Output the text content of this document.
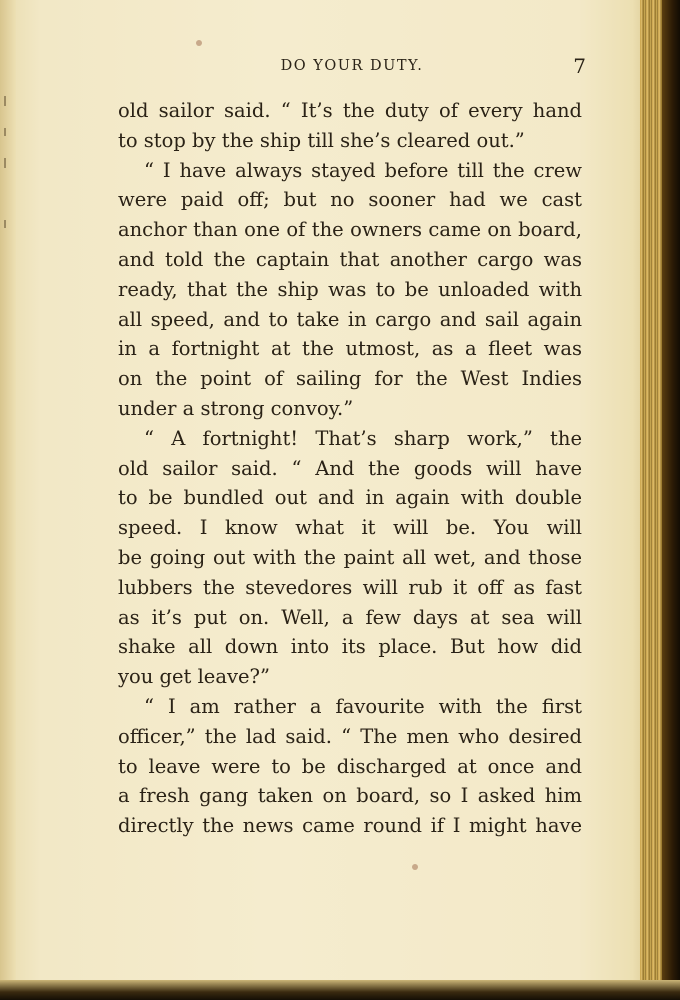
DO YOUR DUTY.	7
old sailor said. “ It’s the duty of every hand
to stop by the ship till she’s cleared out.”
“ I have always stayed before till the crew
were paid off; but no sooner had we cast
anchor than one of the owners came on board,
and told the captain that another cargo was
ready, that the ship was to be unloaded with
all speed, and to take in cargo and sail again
in a fortnight at the utmost, as a fleet was
on the point of sailing for the West Indies
under a strong convoy.”
“ A fortnight! That’s sharp work,” the
old sailor said. “ And the goods will have
to be bundled out and in again with double
speed. I know what it will be. You will
be going out with the paint all wet, and those
lubbers the stevedores will rub it off as fast
as it’s put on. Well, a few days at sea will
shake all down into its place. But how did
you get leave?”
“ I am rather a favourite with the first
officer,” the lad said. “ The men who desired
to leave were to be discharged at once and
a fresh gang taken on board, so I asked him
directly the news came round if I might have
